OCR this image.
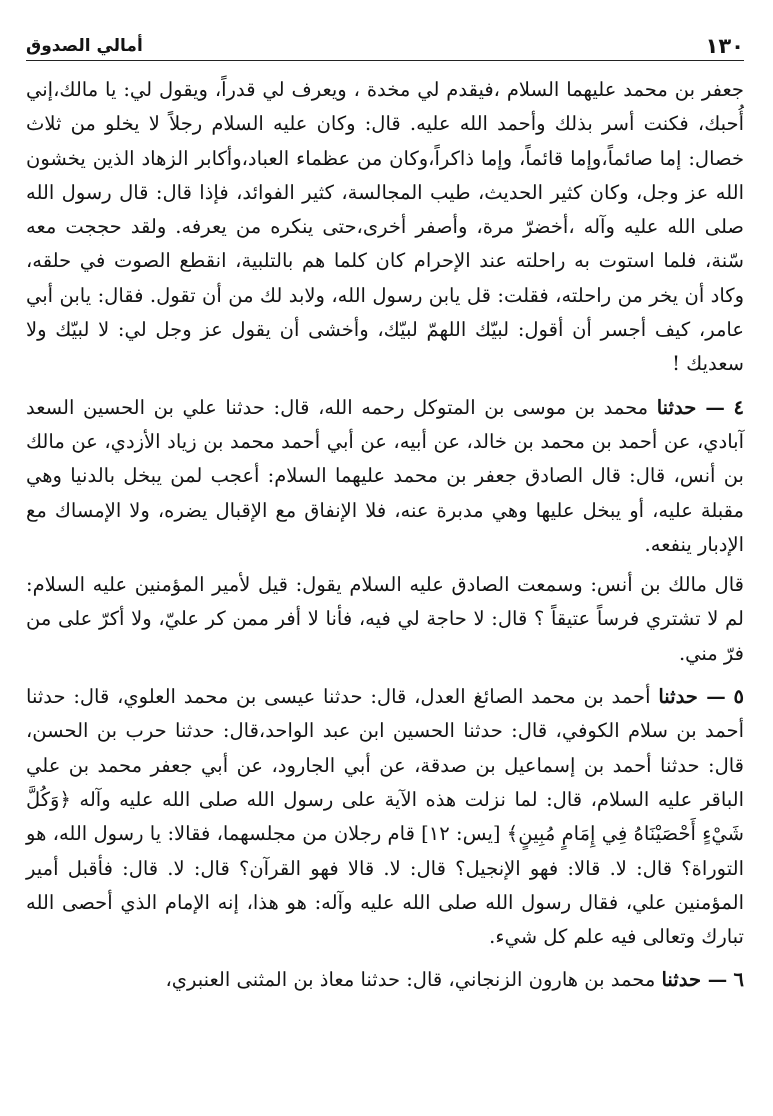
١٣٠
أمالي الصدوق

جعفر بن محمد عليهما السلام ،فيقدم لي مخدة ، ويعرف لي قدراً، ويقول لي: يا مالك،إني أُحبك، فكنت أسر بذلك وأحمد الله عليه. قال: وكان عليه السلام رجلاً لا يخلو من ثلاث خصال: إما صائماً،وإما قائماً، وإما ذاكراً،وكان من عظماء العباد،وأكابر الزهاد الذين يخشون الله عز وجل، وكان كثير الحديث، طيب المجالسة، كثير الفوائد، فإذا قال: قال رسول الله صلى الله عليه وآله ،أخضرّ مرة، وأصفر أخرى،حتى ينكره من يعرفه. ولقد حججت معه سّنة، فلما استوت به راحلته عند الإحرام كان كلما هم بالتلبية، انقطع الصوت في حلقه، وكاد أن يخر من راحلته، فقلت: قل يابن رسول الله، ولابد لك من أن تقول. فقال: يابن أبي عامر، كيف أجسر أن أقول: لبيّك اللهمّ لبيّك، وأخشى أن يقول عز وجل لي: لا لبيّك ولا سعديك !

٤ — حدثنا محمد بن موسى بن المتوكل رحمه الله، قال: حدثنا علي بن الحسين السعد آبادي، عن أحمد بن محمد بن خالد، عن أبيه، عن أبي أحمد محمد بن زياد الأزدي، عن مالك بن أنس، قال: قال الصادق جعفر بن محمد عليهما السلام: أعجب لمن يبخل بالدنيا وهي مقبلة عليه، أو يبخل عليها وهي مدبرة عنه، فلا الإنفاق مع الإقبال يضره، ولا الإمساك مع الإدبار ينفعه.

قال مالك بن أنس: وسمعت الصادق عليه السلام يقول: قيل لأمير المؤمنين عليه السلام: لم لا تشتري فرساً عتيقاً ؟ قال: لا حاجة لي فيه، فأنا لا أفر ممن كر عليّ، ولا أكرّ على من فرّ مني.

٥ — حدثنا أحمد بن محمد الصائغ العدل، قال: حدثنا عيسى بن محمد العلوي، قال: حدثنا أحمد بن سلام الكوفي، قال: حدثنا الحسين ابن عبد الواحد،قال: حدثنا حرب بن الحسن، قال: حدثنا أحمد بن إسماعيل بن صدقة، عن أبي الجارود، عن أبي جعفر محمد بن علي الباقر عليه السلام، قال: لما نزلت هذه الآية على رسول الله صلى الله عليه وآله ﴿وَكُلَّ شَيْءٍ أَحْصَيْنَاهُ فِي إِمَامٍ مُبِينٍ﴾ [يس: ١٢] قام رجلان من مجلسهما، فقالا: يا رسول الله، هو التوراة؟ قال: لا. قالا: فهو الإنجيل؟ قال: لا. قالا فهو القرآن؟ قال: لا. قال: فأقبل أمير المؤمنين علي، فقال رسول الله صلى الله عليه وآله: هو هذا، إنه الإمام الذي أحصى الله تبارك وتعالى فيه علم كل شيء.

٦ — حدثنا محمد بن هارون الزنجاني، قال: حدثنا معاذ بن المثنى العنبري،
